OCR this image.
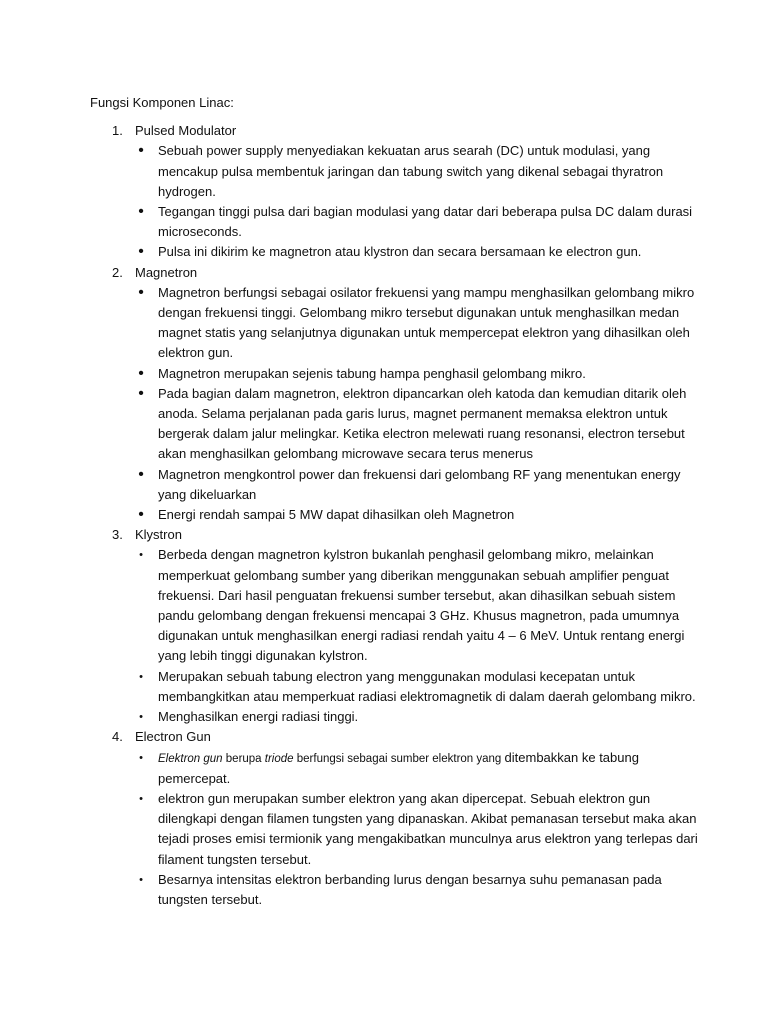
Fungsi Komponen Linac:

1. Pulsed Modulator
• Sebuah power supply menyediakan kekuatan arus searah (DC) untuk modulasi, yang mencakup pulsa membentuk jaringan dan tabung switch yang dikenal sebagai thyratron hydrogen.
• Tegangan tinggi pulsa dari bagian modulasi yang datar dari beberapa pulsa DC dalam durasi microseconds.
• Pulsa ini dikirim ke magnetron atau klystron dan secara bersamaan ke electron gun.
2. Magnetron
• Magnetron berfungsi sebagai osilator frekuensi yang mampu menghasilkan gelombang mikro dengan frekuensi tinggi. Gelombang mikro tersebut digunakan untuk menghasilkan medan magnet statis yang selanjutnya digunakan untuk mempercepat elektron yang dihasilkan oleh elektron gun.
• Magnetron merupakan sejenis tabung hampa penghasil gelombang mikro.
• Pada bagian dalam magnetron, elektron dipancarkan oleh katoda dan kemudian ditarik oleh anoda. Selama perjalanan pada garis lurus, magnet permanent memaksa elektron untuk bergerak dalam jalur melingkar. Ketika electron melewati ruang resonansi, electron tersebut akan menghasilkan gelombang microwave secara terus menerus
• Magnetron mengkontrol power dan frekuensi dari gelombang RF yang menentukan energy yang dikeluarkan
• Energi rendah sampai 5 MW dapat dihasilkan oleh Magnetron
3. Klystron
•	Berbeda dengan magnetron kylstron bukanlah penghasil gelombang mikro, melainkan memperkuat gelombang sumber yang diberikan menggunakan sebuah amplifier penguat frekuensi. Dari hasil penguatan frekuensi sumber tersebut, akan dihasilkan sebuah sistem pandu gelombang dengan frekuensi mencapai 3 GHz. Khusus magnetron, pada umumnya digunakan untuk menghasilkan energi radiasi rendah yaitu 4 – 6 MeV. Untuk rentang energi yang lebih tinggi digunakan kylstron.
•	Merupakan sebuah tabung electron yang menggunakan modulasi kecepatan untuk membangkitkan atau memperkuat radiasi elektromagnetik di dalam daerah gelombang mikro.
•	Menghasilkan energi radiasi tinggi.
4. Electron Gun
•	Elektron gun berupa triode berfungsi sebagai sumber elektron yang ditembakkan ke tabung pemercepat.
•	elektron gun merupakan sumber elektron yang akan dipercepat. Sebuah elektron gun dilengkapi dengan filamen tungsten yang dipanaskan. Akibat pemanasan tersebut maka akan tejadi proses emisi termionik yang mengakibatkan munculnya arus elektron yang terlepas dari filament tungsten tersebut.
•	Besarnya intensitas elektron berbanding lurus dengan besarnya suhu pemanasan pada tungsten tersebut.
